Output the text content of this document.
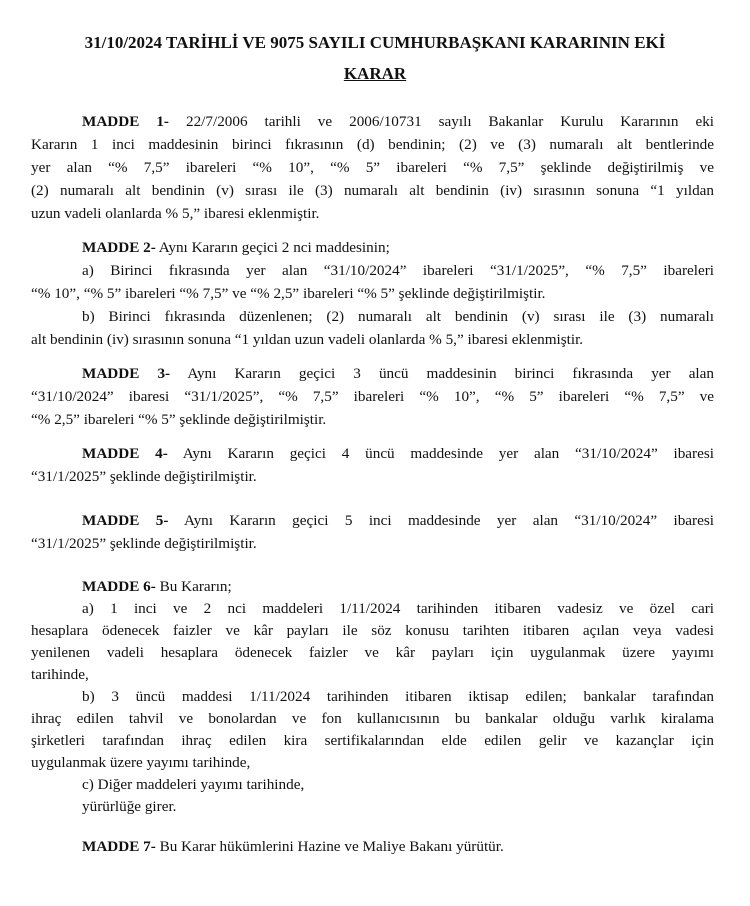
31/10/2024 TARİHLİ VE 9075 SAYILI CUMHURBAŞKANI KARARININ EKİ
KARAR
MADDE 1- 22/7/2006 tarihli ve 2006/10731 sayılı Bakanlar Kurulu Kararının eki
Kararın 1 inci maddesinin birinci fıkrasının (d) bendinin; (2) ve (3) numaralı alt bentlerinde
yer alan “% 7,5” ibareleri “% 10”, “% 5” ibareleri “% 7,5” şeklinde değiştirilmiş ve
(2) numaralı alt bendinin (v) sırası ile (3) numaralı alt bendinin (iv) sırasının sonuna “1 yıldan
uzun vadeli olanlarda % 5,” ibaresi eklenmiştir.
MADDE 2- Aynı Kararın geçici 2 nci maddesinin;
a) Birinci fıkrasında yer alan “31/10/2024” ibareleri “31/1/2025”, “% 7,5” ibareleri
“% 10”, “% 5” ibareleri “% 7,5” ve “% 2,5” ibareleri “% 5” şeklinde değiştirilmiştir.
b) Birinci fıkrasında düzenlenen; (2) numaralı alt bendinin (v) sırası ile (3) numaralı
alt bendinin (iv) sırasının sonuna “1 yıldan uzun vadeli olanlarda % 5,” ibaresi eklenmiştir.
MADDE 3- Aynı Kararın geçici 3 üncü maddesinin birinci fıkrasında yer alan
“31/10/2024” ibaresi “31/1/2025”, “% 7,5” ibareleri “% 10”, “% 5” ibareleri “% 7,5” ve
“% 2,5” ibareleri “% 5” şeklinde değiştirilmiştir.
MADDE 4- Aynı Kararın geçici 4 üncü maddesinde yer alan “31/10/2024” ibaresi
“31/1/2025” şeklinde değiştirilmiştir.
MADDE 5- Aynı Kararın geçici 5 inci maddesinde yer alan “31/10/2024” ibaresi
“31/1/2025” şeklinde değiştirilmiştir.
MADDE 6- Bu Kararın;
a) 1 inci ve 2 nci maddeleri 1/11/2024 tarihinden itibaren vadesiz ve özel cari
hesaplara ödenecek faizler ve kâr payları ile söz konusu tarihten itibaren açılan veya vadesi
yenilenen vadeli hesaplara ödenecek faizler ve kâr payları için uygulanmak üzere yayımı
tarihinde,
b) 3 üncü maddesi 1/11/2024 tarihinden itibaren iktisap edilen; bankalar tarafından
ihraç edilen tahvil ve bonolardan ve fon kullanıcısının bu bankalar olduğu varlık kiralama
şirketleri tarafından ihraç edilen kira sertifikalarından elde edilen gelir ve kazançlar için
uygulanmak üzere yayımı tarihinde,
c) Diğer maddeleri yayımı tarihinde,
yürürlüğe girer.
MADDE 7- Bu Karar hükümlerini Hazine ve Maliye Bakanı yürütür.
